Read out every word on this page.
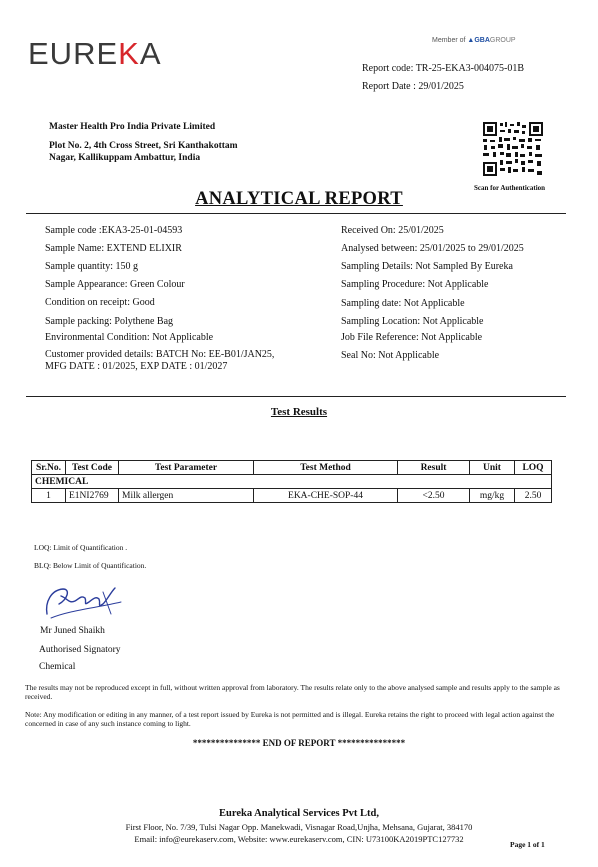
EUREKA	Member of ▲GBAGROUP
Report code: TR-25-EKA3-004075-01B
Report Date : 29/01/2025
Master Health Pro India Private Limited
Plot No. 2, 4th Cross Street, Sri Kanthakottam
Nagar, Kallikuppam Ambattur, India
Scan for Authentication
ANALYTICAL REPORT
Sample code :EKA3-25-01-04593
Sample Name: EXTEND ELIXIR
Sample quantity: 150 g
Sample Appearance: Green Colour
Condition on receipt: Good
Sample packing: Polythene Bag
Environmental Condition: Not Applicable
Customer provided details: BATCH No: EE-B01/JAN25, MFG DATE : 01/2025, EXP DATE : 01/2027
Received On: 25/01/2025
Analysed between: 25/01/2025 to 29/01/2025
Sampling Details: Not Sampled By Eureka
Sampling Procedure: Not Applicable
Sampling date: Not Applicable
Sampling Location: Not Applicable
Job File Reference: Not Applicable
Seal No: Not Applicable
Test Results
Sr.No.	Test Code	Test Parameter	Test Method	Result	Unit	LOQ
CHEMICAL						
1	E1NI2769	Milk allergen	EKA-CHE-SOP-44	<2.50	mg/kg	2.50
LOQ: Limit of Quantification .
BLQ: Below Limit of Quantification.
Mr Juned Shaikh
Authorised Signatory
Chemical
The results may not be reproduced except in full, without written approval from laboratory. The results relate only to the above analysed sample and results apply to the sample as received.
Note: Any modification or editing in any manner, of a test report issued by Eureka is not permitted and is illegal. Eureka retains the right to proceed with legal action against the concerned in case of any such instance coming to light.
*************** END OF REPORT ***************
Eureka Analytical Services Pvt Ltd,
First Floor, No. 7/39, Tulsi Nagar Opp. Manekwadi, Visnagar Road,Unjha, Mehsana, Gujarat, 384170
Email: info@eurekaserv.com, Website: www.eurekaserv.com, CIN: U73100KA2019PTC127732
Page 1 of 1
